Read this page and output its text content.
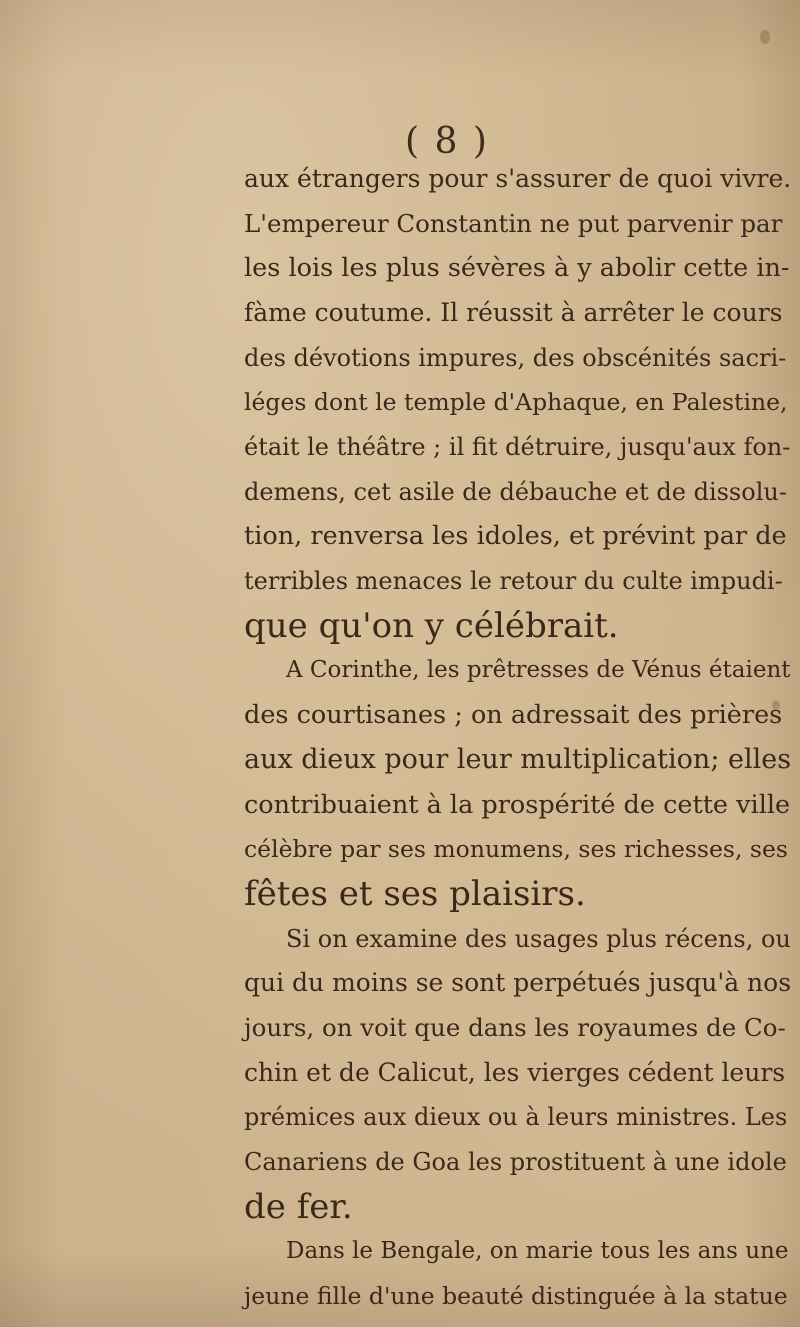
( 8 )
aux étrangers pour s'assurer de quoi vivre.
L'empereur Constantin ne put parvenir par
les lois les plus sévères à y abolir cette in-
fàme coutume. Il réussit à arrêter le cours
des dévotions impures, des obscénités sacri-
léges dont le temple d'Aphaque, en Palestine,
était le théâtre ; il fit détruire, jusqu'aux fon-
demens, cet asile de débauche et de dissolu-
tion, renversa les idoles, et prévint par de
terribles menaces le retour du culte impudi-
que qu'on y célébrait.
A Corinthe, les prêtresses de Vénus étaient
des courtisanes ; on adressait des prières
aux dieux pour leur multiplication; elles
contribuaient à la prospérité de cette ville
célèbre par ses monumens, ses richesses, ses
fêtes et ses plaisirs.
Si on examine des usages plus récens, ou
qui du moins se sont perpétués jusqu'à nos
jours, on voit que dans les royaumes de Co-
chin et de Calicut, les vierges cédent leurs
prémices aux dieux ou à leurs ministres. Les
Canariens de Goa les prostituent à une idole
de fer.
Dans le Bengale, on marie tous les ans une
jeune fille d'une beauté distinguée à la statue
